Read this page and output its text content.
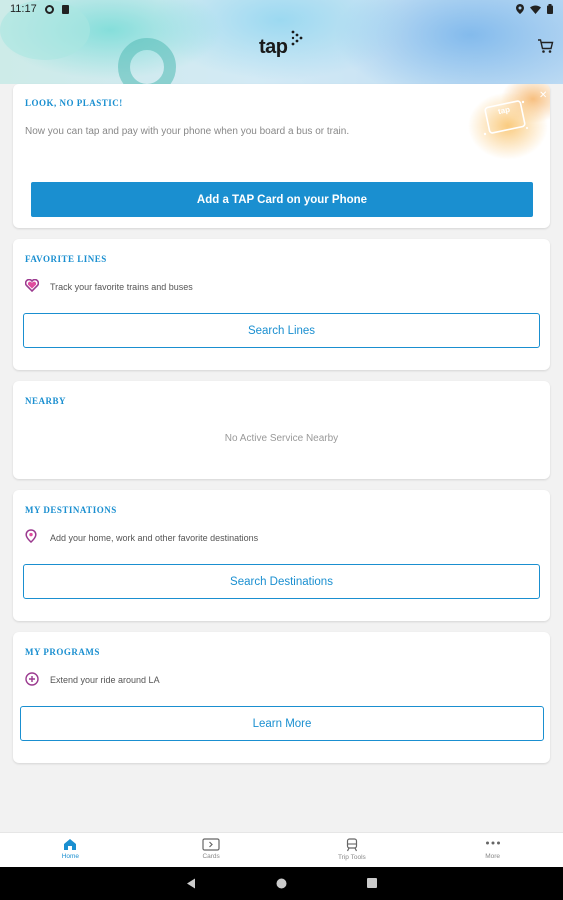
11:17
tap
tap
✕
LOOK, NO PLASTIC!
Now you can tap and pay with your phone when you board a bus or train.
Add a TAP Card on your Phone
FAVORITE LINES
Track your favorite trains and buses
Search Lines
NEARBY
No Active Service Nearby
MY DESTINATIONS
Add your home, work and other favorite destinations
Search Destinations
MY PROGRAMS
Extend your ride around LA
Learn More
Home	Cards	Trip Tools	More
